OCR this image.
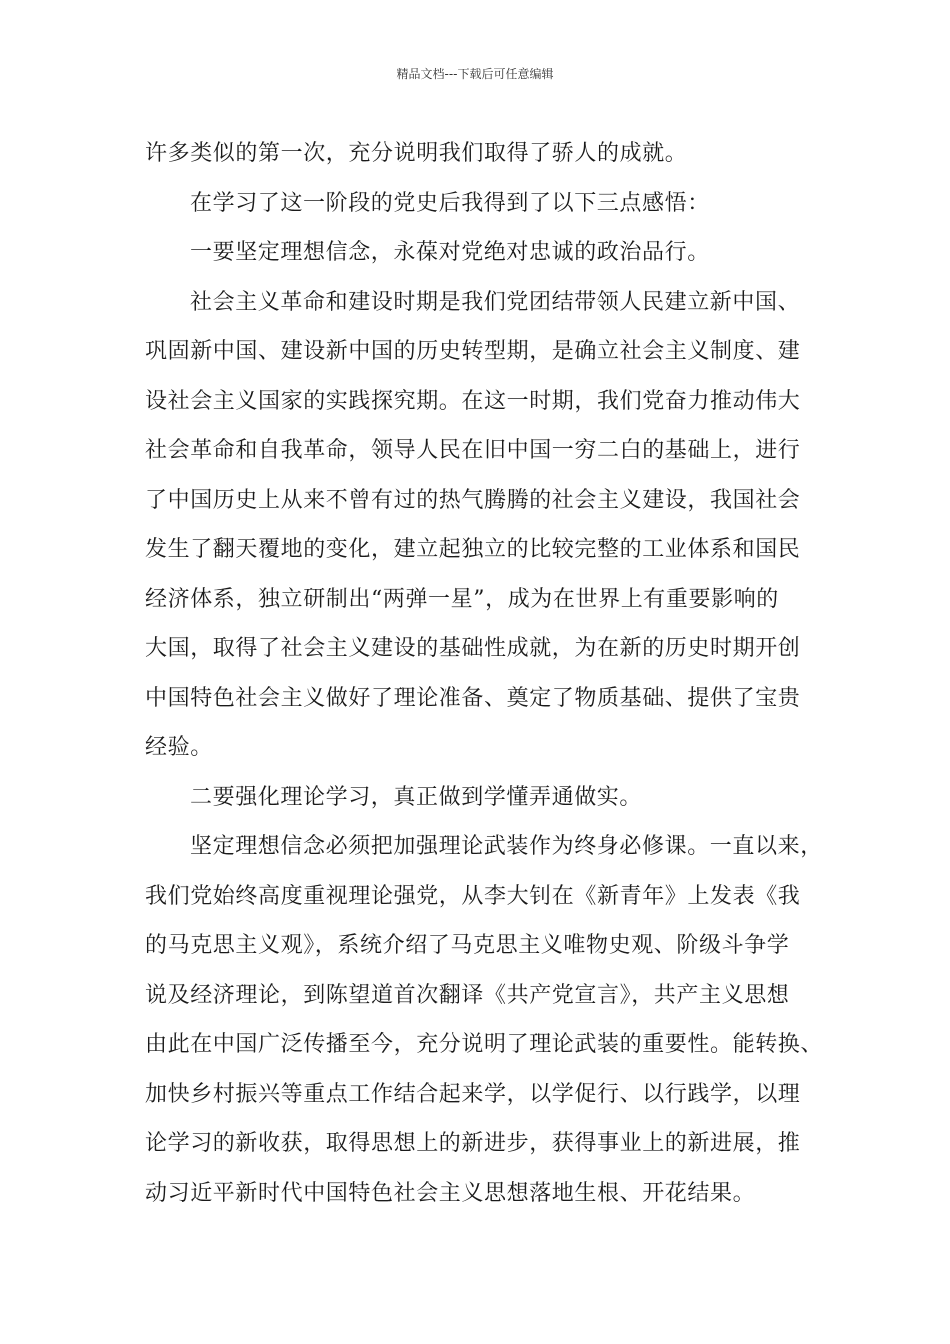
精品文档---下载后可任意编辑

许多类似的第一次，充分说明我们取得了骄人的成就。

在学习了这一阶段的党史后我得到了以下三点感悟：

一要坚定理想信念，永葆对党绝对忠诚的政治品行。

社会主义革命和建设时期是我们党团结带领人民建立新中国、
巩固新中国、建设新中国的历史转型期，是确立社会主义制度、建
设社会主义国家的实践探究期。在这一时期，我们党奋力推动伟大
社会革命和自我革命，领导人民在旧中国一穷二白的基础上，进行
了中国历史上从来不曾有过的热气腾腾的社会主义建设，我国社会
发生了翻天覆地的变化，建立起独立的比较完整的工业体系和国民
经济体系，独立研制出“两弹一星”，成为在世界上有重要影响的
大国，取得了社会主义建设的基础性成就，为在新的历史时期开创
中国特色社会主义做好了理论准备、奠定了物质基础、提供了宝贵
经验。

二要强化理论学习，真正做到学懂弄通做实。

坚定理想信念必须把加强理论武装作为终身必修课。一直以来，
我们党始终高度重视理论强党，从李大钊在《新青年》上发表《我
的马克思主义观》，系统介绍了马克思主义唯物史观、阶级斗争学
说及经济理论，到陈望道首次翻译《共产党宣言》，共产主义思想
由此在中国广泛传播至今，充分说明了理论武装的重要性。能转换、
加快乡村振兴等重点工作结合起来学，以学促行、以行践学，以理
论学习的新收获，取得思想上的新进步，获得事业上的新进展，推
动习近平新时代中国特色社会主义思想落地生根、开花结果。
